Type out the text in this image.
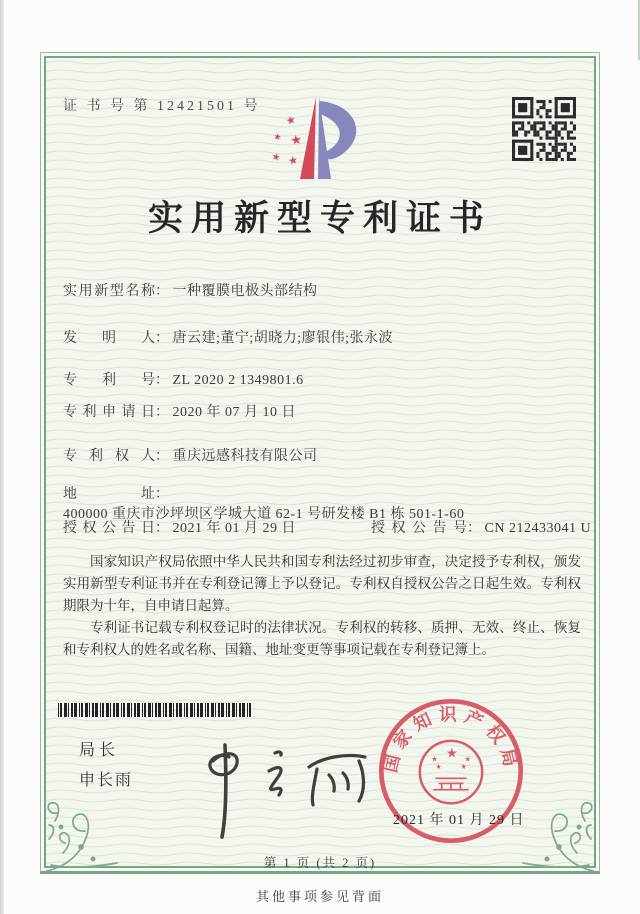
证 书 号 第 12421501 号
★
★ ★
★ ★
★
实用新型专利证书
实用新型名称： 一种覆膜电极头部结构
发明人： 唐云建;董宁;胡晓力;廖银伟;张永波
专利号： ZL 2020 2 1349801.6
专利申请日： 2020 年 07 月 10 日
专利权人： 重庆远感科技有限公司
地址： 400000 重庆市沙坪坝区学城大道 62-1 号研发楼 B1 栋 501-1-60
授权公告日： 2021 年 01 月 29 日	授权公告号： CN 212433041 U

国家知识产权局依照中华人民共和国专利法经过初步审查，决定授予专利权，颁发实用新型专利证书并在专利登记簿上予以登记。专利权自授权公告之日起生效。专利权期限为十年，自申请日起算。

专利证书记载专利权登记时的法律状况。专利权的转移、质押、无效、终止、恢复和专利权人的姓名或名称、国籍、地址变更等事项记载在专利登记簿上。

局长
申长雨
国家知识产权局
★
★	★
★	★
2021 年 01 月 29 日
第 1 页 (共 2 页)
其他事项参见背面
